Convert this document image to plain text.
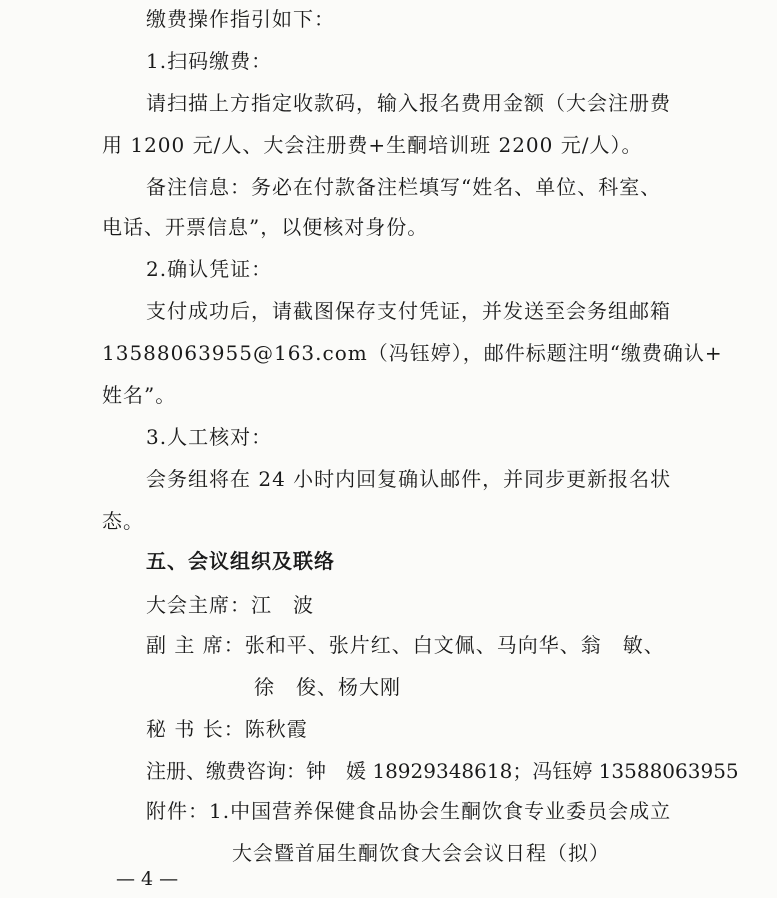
缴费操作指引如下：
1.扫码缴费：
请扫描上方指定收款码，输入报名费用金额（大会注册费
用 1200 元/人、大会注册费+生酮培训班 2200 元/人）。
备注信息：务必在付款备注栏填写“姓名、单位、科室、
电话、开票信息”，以便核对身份。
2.确认凭证：
支付成功后，请截图保存支付凭证，并发送至会务组邮箱
13588063955@163.com（冯钰婷），邮件标题注明“缴费确认+
姓名”。
3.人工核对：
会务组将在 24 小时内回复确认邮件，并同步更新报名状
态。
五、会议组织及联络
大会主席：江　波
副 主 席：张和平、张片红、白文佩、马向华、翁　敏、
徐　俊、杨大刚
秘 书 长：陈秋霞
注册、缴费咨询：钟　媛 18929348618；冯钰婷 13588063955
附件：1.中国营养保健食品协会生酮饮食专业委员会成立
大会暨首届生酮饮食大会会议日程（拟）
— 4 —
